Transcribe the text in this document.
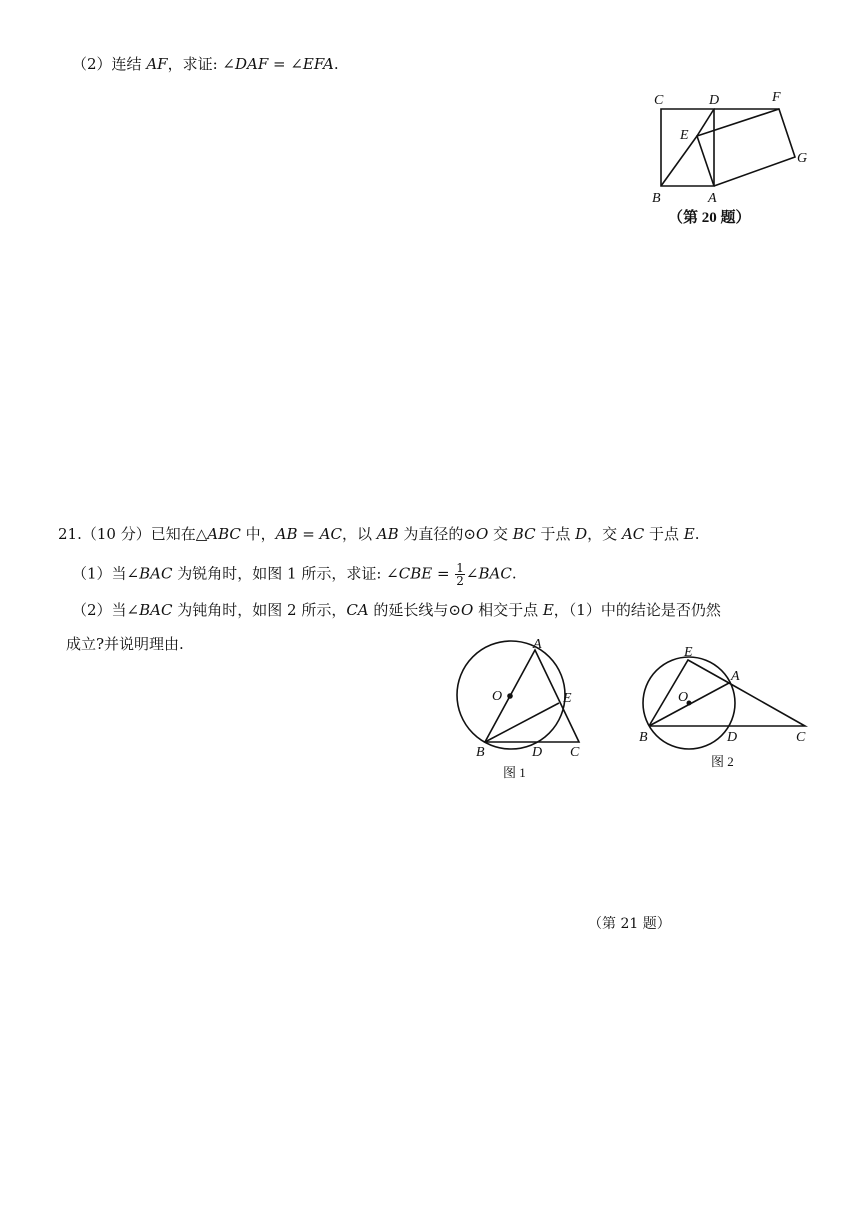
（2）连结 AF，求证: ∠DAF = ∠EFA.
C	D	F
E
G
B	A
（第 20 题）
21.（10 分）已知在△ABC 中，AB = AC，以 AB 为直径的⊙O 交 BC 于点 D，交 AC 于点 E.
（1）当∠BAC 为锐角时，如图 1 所示，求证: ∠CBE = $\frac{1}{2}$ ∠BAC.
（2）当∠BAC 为钝角时，如图 2 所示，CA 的延长线与⊙O 相交于点 E，（1）中的结论是否仍然
成立?并说明理由.	A
O	E
B	D C
图 1
E
A
O
B	D	C
图 2
（第 21 题）
